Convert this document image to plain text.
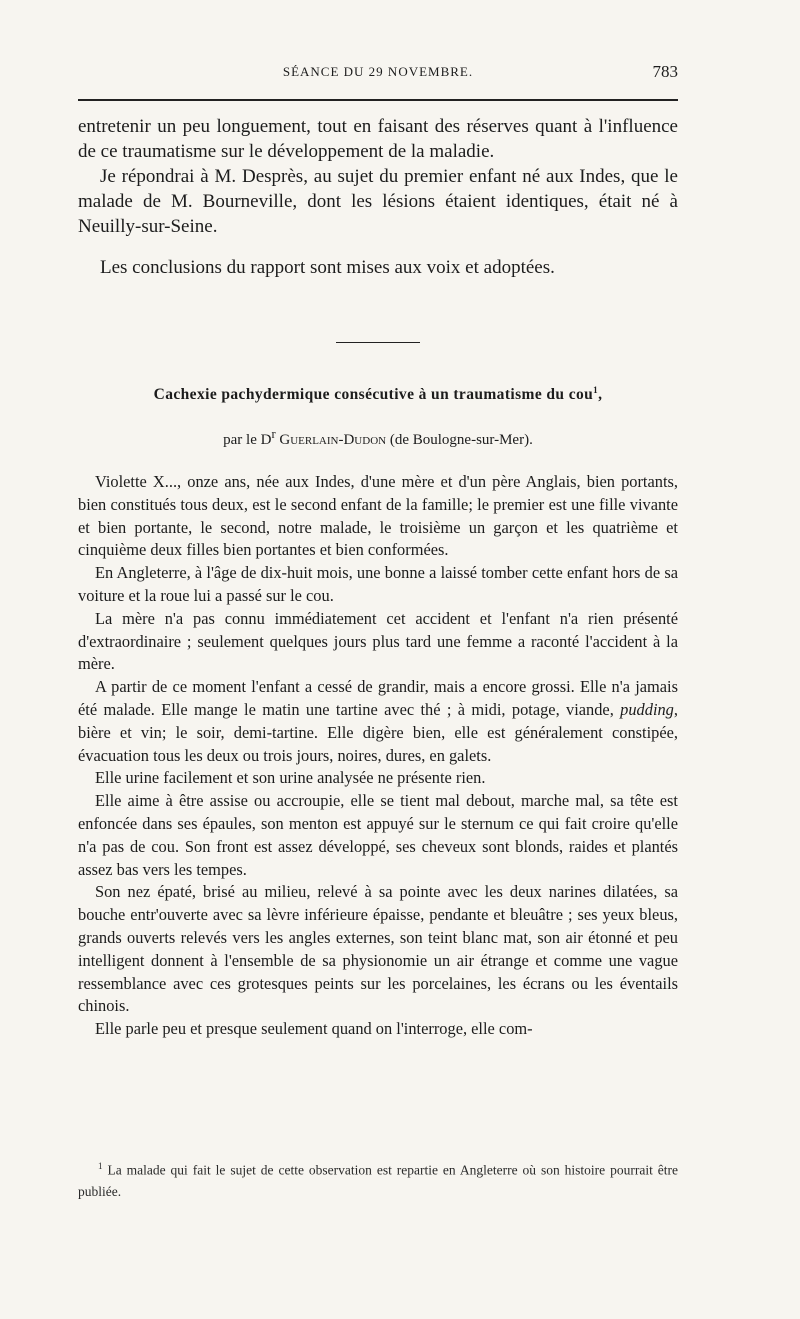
SÉANCE DU 29 NOVEMBRE.	783

entretenir un peu longuement, tout en faisant des réserves quant à l'influence de ce traumatisme sur le développement de la maladie.

Je répondrai à M. Desprès, au sujet du premier enfant né aux Indes, que le malade de M. Bourneville, dont les lésions étaient identiques, était né à Neuilly-sur-Seine.

Les conclusions du rapport sont mises aux voix et adoptées.

Cachexie pachydermique consécutive à un traumatisme du cou$^1$,
par le $D^r$ Guerlain-Dudon (de Boulogne-sur-Mer).

Violette X..., onze ans, née aux Indes, d'une mère et d'un père Anglais, bien portants, bien constitués tous deux, est le second enfant de la famille; le premier est une fille vivante et bien portante, le second, notre malade, le troisième un garçon et les quatrième et cinquième deux filles bien portantes et bien conformées.

En Angleterre, à l'âge de dix-huit mois, une bonne a laissé tomber cette enfant hors de sa voiture et la roue lui a passé sur le cou.

La mère n'a pas connu immédiatement cet accident et l'enfant n'a rien présenté d'extraordinaire ; seulement quelques jours plus tard une femme a raconté l'accident à la mère.

A partir de ce moment l'enfant a cessé de grandir, mais a encore grossi. Elle n'a jamais été malade. Elle mange le matin une tartine avec thé ; à midi, potage, viande, pudding, bière et vin; le soir, demi-tartine. Elle digère bien, elle est généralement constipée, évacuation tous les deux ou trois jours, noires, dures, en galets.

Elle urine facilement et son urine analysée ne présente rien.

Elle aime à être assise ou accroupie, elle se tient mal debout, marche mal, sa tête est enfoncée dans ses épaules, son menton est appuyé sur le sternum ce qui fait croire qu'elle n'a pas de cou. Son front est assez développé, ses cheveux sont blonds, raides et plantés assez bas vers les tempes.

Son nez épaté, brisé au milieu, relevé à sa pointe avec les deux narines dilatées, sa bouche entr'ouverte avec sa lèvre inférieure épaisse, pendante et bleuâtre ; ses yeux bleus, grands ouverts relevés vers les angles externes, son teint blanc mat, son air étonné et peu intelligent donnent à l'ensemble de sa physionomie un air étrange et comme une vague ressemblance avec ces grotesques peints sur les porcelaines, les écrans ou les éventails chinois.

Elle parle peu et presque seulement quand on l'interroge, elle com-

$^1$ La malade qui fait le sujet de cette observation est repartie en Angleterre où son histoire pourrait être publiée.
